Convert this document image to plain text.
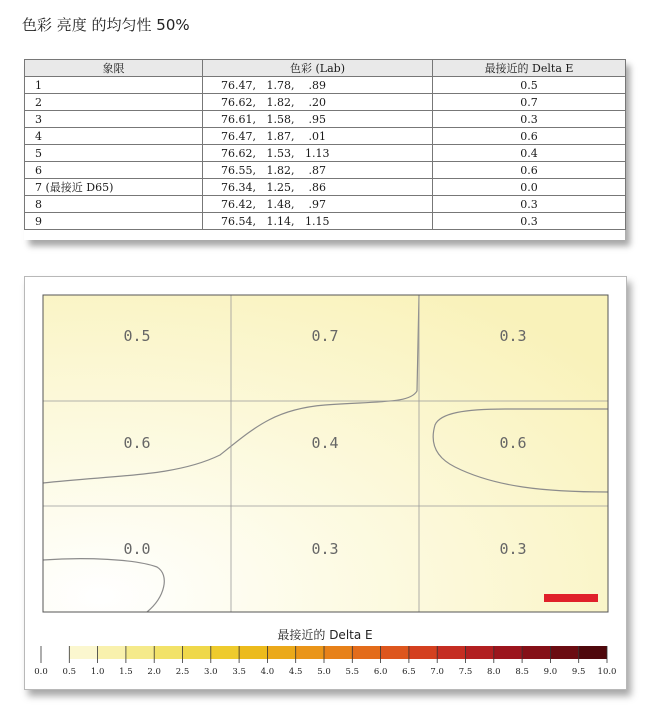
色彩 亮度 的均匀性 50%
象限	色彩 (Lab)	最接近的 Delta E
1	76.47,   1.78,    .89	0.5
2	76.62,   1.82,    .20	0.7
3	76.61,   1.58,    .95	0.3
4	76.47,   1.87,    .01	0.6
5	76.62,   1.53,   1.13	0.4
6	76.55,   1.82,    .87	0.6
7 (最接近 D65)	76.34,   1.25,    .86	0.0
8	76.42,   1.48,    .97	0.3
9	76.54,   1.14,   1.15	0.3
0.5	0.7	0.3
0.6	0.4	0.6
0.0	0.3	0.3
最接近的 Delta E
0.0 0.5 1.0 1.5 2.0 2.5 3.0 3.5 4.0 4.5 5.0 5.5 6.0 6.5 7.0 7.5 8.0 8.5 9.0 9.5 10.0
